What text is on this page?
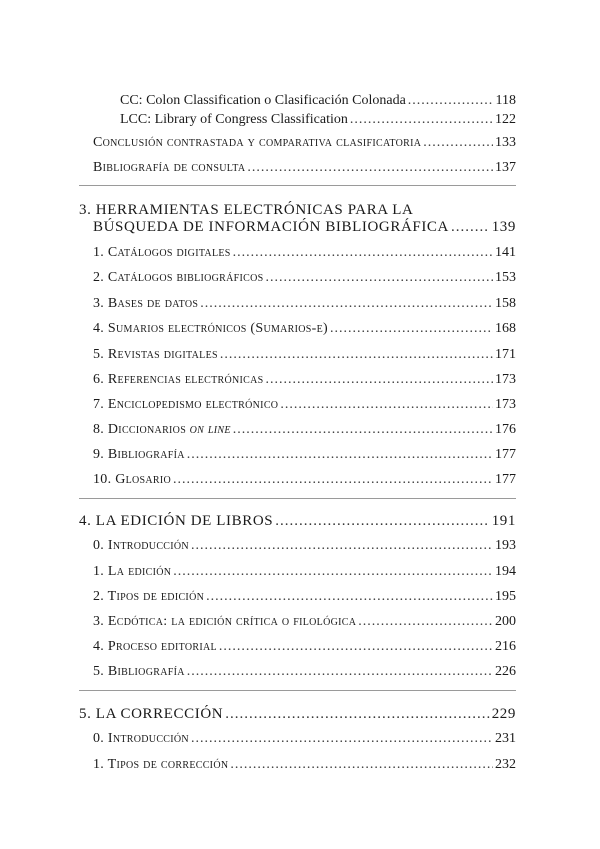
CC: Colon Classification o Clasificación Colonada .....	118
LCC: Library of Congress Classification .....	122
Conclusión contrastada y comparativa clasificatoria .....	133
Bibliografía de consulta .....	137
3. HERRAMIENTAS ELECTRÓNICAS PARA LA
BÚSQUEDA DE INFORMACIÓN BIBLIOGRÁFICA .....	139
1. Catálogos digitales .....	141
2. Catálogos bibliográficos .....	153
3. Bases de datos .....	158
4. Sumarios electrónicos (Sumarios-e) .....	168
5. Revistas digitales .....	171
6. Referencias electrónicas .....	173
7. Enciclopedismo electrónico .....	173
8. Diccionarios on line .....	176
9. Bibliografía .....	177
10. Glosario .....	177
4. LA EDICIÓN DE LIBROS .....	191
0. Introducción .....	193
1. La edición .....	194
2. Tipos de edición .....	195
3. Ecdótica: la edición crítica o filológica .....	200
4. Proceso editorial .....	216
5. Bibliografía .....	226
5. LA CORRECCIÓN .....	229
0. Introducción .....	231
1. Tipos de corrección .....	232
